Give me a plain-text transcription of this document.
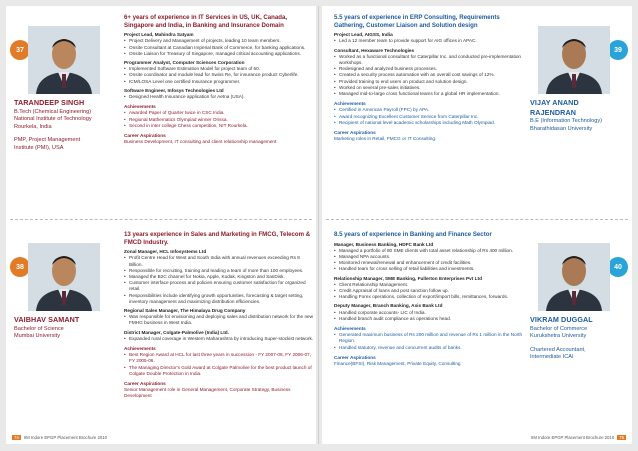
37
TARANDEEP SINGH
B.Tech (Chemical Engineering)
National Institute of Technology
Rourkela, India
PMP, Project Management
Institute (PMI), USA
6+ years of experience in IT Services in US, UK, Canada, Singapore and India, in Banking and Insurance Domain
Project Lead, Mahindra Satyam
• Project Delivery and Management of projects, leading 10 team members.
• Onsite Consultant at Canadian Imperial Bank of Commerce, for banking applications.
• Onsite Liaison for Treasury of Singapore, managed critical accounting applications.
Programmer Analyst, Computer Sciences Corporation
• Implemented Software Estimation Model for project team of 60.
• Onsite coordinator and module lead for Swiss Re, for insurance product Cyberlife.
• ICM/LOSA Level one certified Insurance programmer.
Software Engineer, Infosys Technologies Ltd
• Designed Health Insurance application for Aetna (USA).
Achievements
• Awarded Paper of Quarter twice in CSC India.
• Regional Mathematics Olympiad winner Orissa.
• Second in inter college Chess competition, NIT Rourkela.
Career Aspirations
Business Development, IT consulting and client relationship management
38
VAIBHAV SAMANT
Bachelor of Science
Mumbai University
13 years experience in Sales and Marketing in FMCG, Telecom & FMCD Industry.
Zonal Manager, HCL Infosystems Ltd
• Profit Centre Head for West and South India with annual revenues exceeding Rs 8 Billion.
• Responsible for recruiting, training and leading a team of more than 100 employees.
• Managed the B2C channel for Nokia, Apple, Kodak, Kingston and SanDisk.
• Customer interface process and policies ensuring customer satisfaction for organized retail.
• Responsibilities include identifying growth opportunities, forecasting & target setting, inventory management and maximizing distribution efficiencies.
Regional Sales Manager, The Himalaya Drug Company
• Was responsible for envisioning and deploying sales and distribution network for the new FMHG business in West India.
District Manager, Colgate-Palmolive (India) Ltd.
• Expanded rural coverage in Western Maharashtra by introducing Super-stockist network.
Achievements
• Best Region Award at HCL for last three years in succession - FY 2007-08, FY 2006-07, FY 2005-06.
• The Managing Director's Gold Award at Colgate Palmolive for the best product launch of Colgate Double Protection in India.
Career Aspirations
Senior Management role in General Management, Corporate Strategy, Business Development
74	IIM Indore EPGP Placement Brochure 2010
39
VIJAY ANAND RAJENDRAN
B.E (Information Technology)
Bharathidasan University
5.5 years of experience in ERP Consulting, Requirements Gathering, Customer Liaison and Solution design
Project Lead, AIGSS, India
• Led a 12 member team to provide support for AIG offices in APAC.
Consultant, Hexaware Technologies
• Worked as a functional consultant for Caterpillar Inc. and conducted pre-implementation workshops.
• Redesigned and analyzed business processes.
• Created a security process automation with an overall cost savings of 12%.
• Provided training to end users on product and solution design.
• Worked on several pre-sales initiatives.
• Managed mid-to-large cross functional teams for a global HR implementation.
Achievements
• Certified in American Payroll (FPC) by APA.
• Award recognizing Excellent Customer Service from Caterpillar Inc.
• Recipient of national level academic scholarships including Math Olympiad.
Career Aspirations
Marketing roles in Retail, FMCG or IT Consulting.
40
VIKRAM DUGGAL
Bachelor of Commerce
Kurukshetra University
Chartered Accountant,
Intermediate ICAI
8.5 years of experience in Banking and Finance Sector
Manager, Business Banking, HDFC Bank Ltd
• Managed a portfolio of 80 SME clients with total asset relationship of Rs 400 million.
• Managed NPA accounts.
• Monitored renewal/renewal and enhancement of credit facilities.
• Handled team for cross selling of retail liabilities and investments.
Relationship Manager, SME Banking, Fullerton Enterprises Pvt Ltd
• Client Relationship Management.
• Credit Appraisal of loans and post sanction follow up.
• Handling Forex operations, collection of export/import bills, remittances, forwards.
Deputy Manager, Branch Banking, Axis Bank Ltd
• Handled corporate accounts- LIC of India.
• Handled branch audit compliance as operations head.
Achievements
• Generated maximum business of Rs 200 million and revenue of Rs 1 million in the North Region.
• Handled statutory, revenue and concurrent audits of banks.
Career Aspirations
Finance(BFSI), Risk Management, Private Equity, Consulting
IIM Indore EPGP Placement Brochure 2010	75
